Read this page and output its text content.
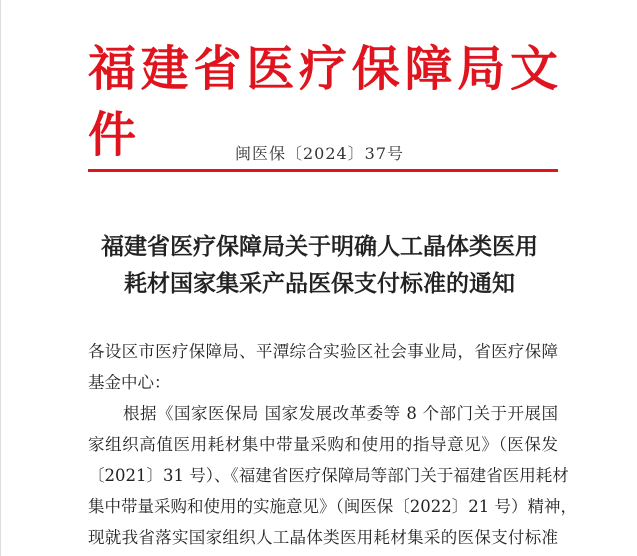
福建省医疗保障局文件	闽医保〔2024〕37号
福建省医疗保障局关于明确人工晶体类医用
耗材国家集采产品医保支付标准的通知
各设区市医疗保障局、平潭综合实验区社会事业局，省医疗保障
基金中心：
根据《国家医保局 国家发展改革委等 8 个部门关于开展国
家组织高值医用耗材集中带量采购和使用的指导意见》（医保发
〔2021〕31 号）、《福建省医疗保障局等部门关于福建省医用耗材
集中带量采购和使用的实施意见》（闽医保〔2022〕21 号）精神，
现就我省落实国家组织人工晶体类医用耗材集采的医保支付标准
